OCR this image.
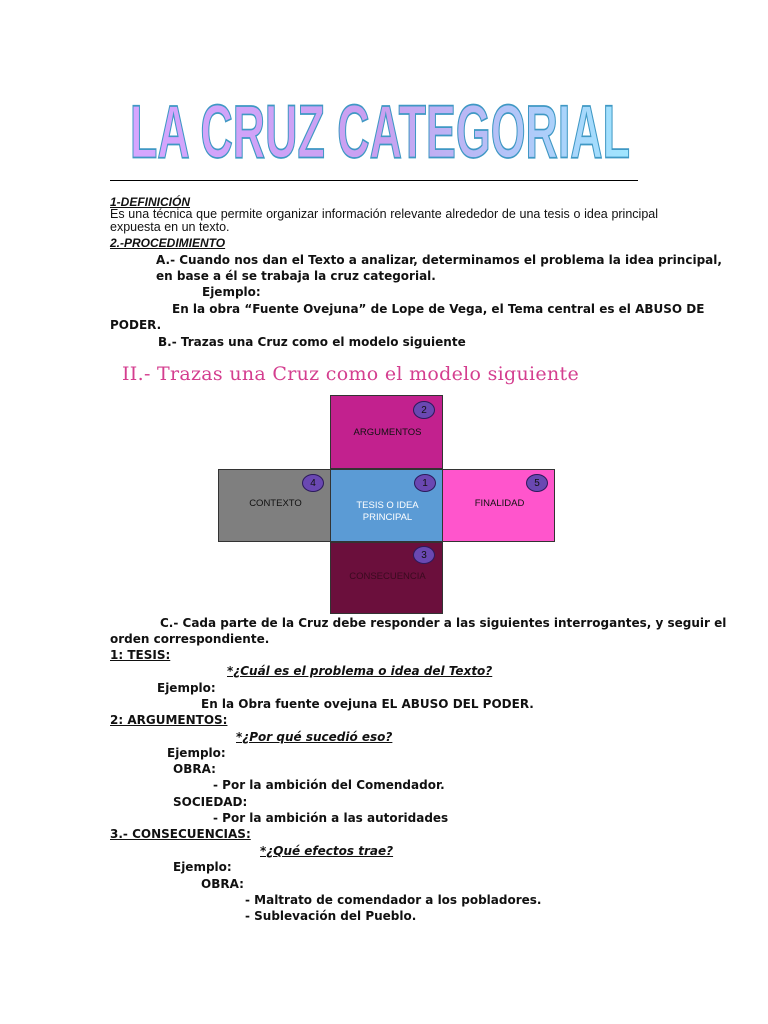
LA CRUZ CATEGORIAL
1-DEFINICIÓN
Es una técnica que permite organizar información relevante alrededor de una tesis o idea principal expuesta en un texto.
2.-PROCEDIMIENTO
A.- Cuando nos dan el Texto a analizar, determinamos el problema la idea principal,
en base a él se trabaja la cruz categorial.
Ejemplo:
En la obra “Fuente Ovejuna” de Lope de Vega, el Tema central es el ABUSO DE
PODER.
B.- Trazas una Cruz como el modelo siguiente
II.- Trazas una Cruz como el modelo siguiente
ARGUMENTOS
2
CONTEXTO
4
TESIS O IDEA
PRINCIPAL
1
FINALIDAD
5
CONSECUENCIA
3
C.- Cada parte de la Cruz debe responder a las siguientes interrogantes, y seguir el
orden correspondiente.
1: TESIS:
*¿Cuál es el problema o idea del Texto?
Ejemplo:
En la Obra fuente ovejuna EL ABUSO DEL PODER.
2: ARGUMENTOS:
*¿Por qué sucedió eso?
Ejemplo:
OBRA:
- Por la ambición del Comendador.
SOCIEDAD:
- Por la ambición a las autoridades
3.- CONSECUENCIAS:
*¿Qué efectos trae?
Ejemplo:
OBRA:
- Maltrato de comendador a los pobladores.
- Sublevación del Pueblo.
